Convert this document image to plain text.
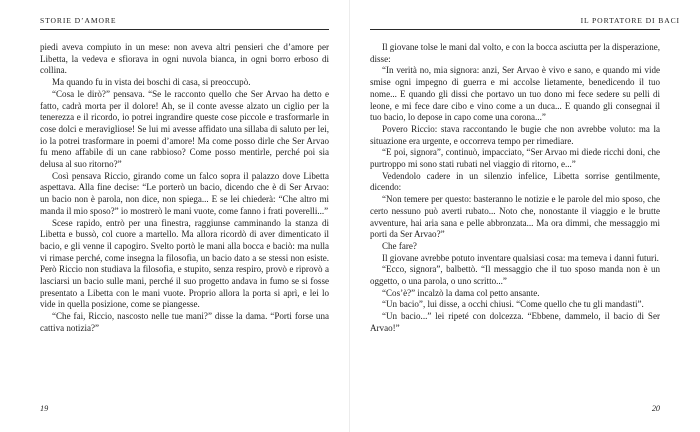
STORIE D’AMORE

piedi aveva compiuto in un mese: non aveva altri pensieri che d’amore per Libetta, la vedeva e sfiorava in ogni nuvola bianca, in ogni borro erboso di collina.

Ma quando fu in vista dei boschi di casa, si preoccupò.

“Cosa le dirò?” pensava. “Se le racconto quello che Ser Arvao ha detto e fatto, cadrà morta per il dolore! Ah, se il conte avesse alzato un ciglio per la tenerezza e il ricordo, io potrei ingrandire queste cose piccole e trasformarle in cose dolci e meravigliose! Se lui mi avesse affidato una sillaba di saluto per lei, io la potrei trasformare in poemi d’amore! Ma come posso dirle che Ser Arvao fu meno affabile di un cane rabbioso? Come posso mentirle, perché poi sia delusa al suo ritorno?”

Così pensava Riccio, girando come un falco sopra il palazzo dove Libetta aspettava. Alla fine decise: “Le porterò un bacio, dicendo che è di Ser Arvao: un bacio non è parola, non dice, non spiega... E se lei chiederà: “Che altro mi manda il mio sposo?” io mostrerò le mani vuote, come fanno i frati poverelli...”

Scese rapido, entrò per una finestra, raggiunse camminando la stanza di Libetta e bussò, col cuore a martello. Ma allora ricordò di aver dimenticato il bacio, e gli venne il capogiro. Svelto portò le mani alla bocca e baciò: ma nulla vi rimase perché, come insegna la filosofia, un bacio dato a se stessi non esiste. Però Riccio non studiava la filosofia, e stupito, senza respiro, provò e riprovò a lasciarsi un bacio sulle mani, perché il suo progetto andava in fumo se si fosse presentato a Libetta con le mani vuote. Proprio allora la porta si aprì, e lei lo vide in quella posizione, come se piangesse.

“Che fai, Riccio, nascosto nelle tue mani?” disse la dama. “Porti forse una cattiva notizia?”

19
IL PORTATORE DI BACI

Il giovane tolse le mani dal volto, e con la bocca asciutta per la disperazione, disse:

“In verità no, mia signora: anzi, Ser Arvao è vivo e sano, e quando mi vide smise ogni impegno di guerra e mi accolse lietamente, benedicendo il tuo nome... E quando gli dissi che portavo un tuo dono mi fece sedere su pelli di leone, e mi fece dare cibo e vino come a un duca... E quando gli consegnai il tuo bacio, lo depose in capo come una corona...”

Povero Riccio: stava raccontando le bugie che non avrebbe voluto: ma la situazione era urgente, e occorreva tempo per rimediare.

“E poi, signora”, continuò, impacciato, “Ser Arvao mi diede ricchi doni, che purtroppo mi sono stati rubati nel viaggio di ritorno, e...”

Vedendolo cadere in un silenzio infelice, Libetta sorrise gentilmente, dicendo:

“Non temere per questo: basteranno le notizie e le parole del mio sposo, che certo nessuno può averti rubato... Noto che, nonostante il viaggio e le brutte avventure, hai aria sana e pelle abbronzata... Ma ora dimmi, che messaggio mi porti da Ser Arvao?”

Che fare?

Il giovane avrebbe potuto inventare qualsiasi cosa: ma temeva i danni futuri.

“Ecco, signora”, balbettò. “Il messaggio che il tuo sposo manda non è un oggetto, o una parola, o uno scritto...”

“Cos’è?” incalzò la dama col petto ansante.

“Un bacio”, lui disse, a occhi chiusi. “Come quello che tu gli mandasti”.

“Un bacio...” lei ripeté con dolcezza. “Ebbene, dammelo, il bacio di Ser Arvao!”

20
